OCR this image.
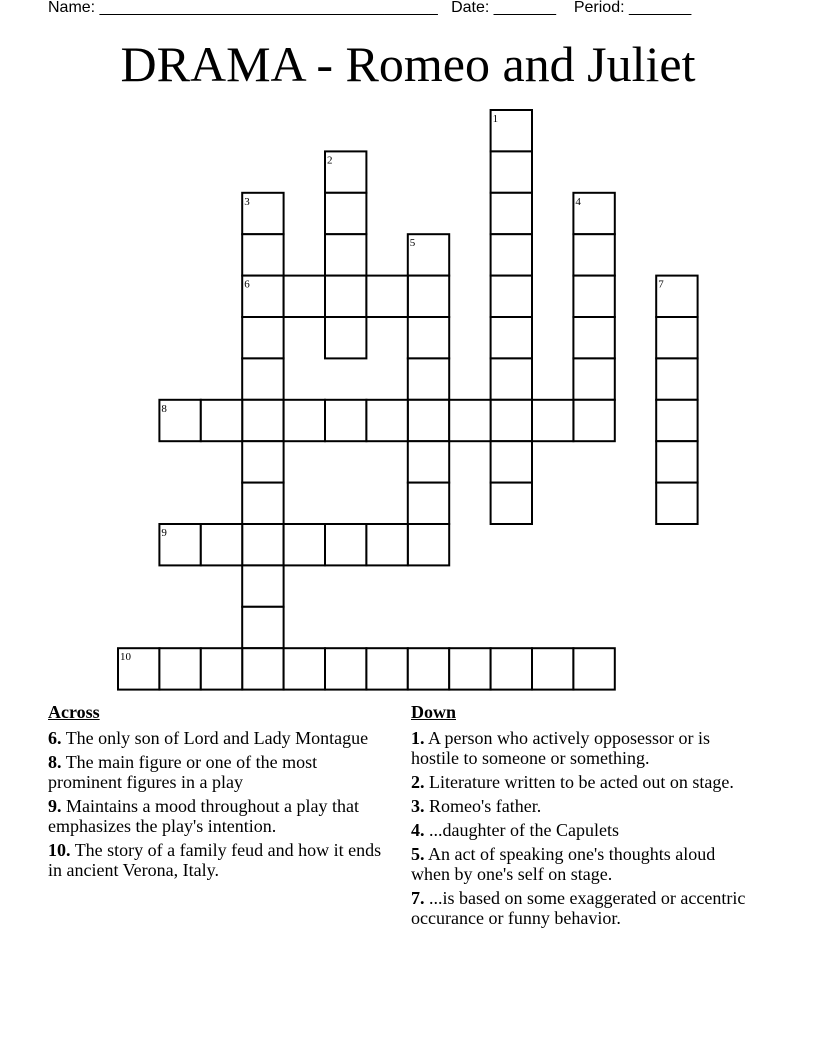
Name: ______________________________________ Date: _______ Period: _______
DRAMA - Romeo and Juliet
1
2
3	4
5
6	7
8
9
10
Across
6. The only son of Lord and Lady Montague
8. The main figure or one of the most prominent figures in a play
9. Maintains a mood throughout a play that emphasizes the play's intention.
10. The story of a family feud and how it ends in ancient Verona, Italy.
Down
1. A person who actively opposessor or is hostile to someone or something.
2. Literature written to be acted out on stage.
3. Romeo's father.
4. ...daughter of the Capulets
5. An act of speaking one's thoughts aloud when by one's self on stage.
7. ...is based on some exaggerated or accentric occurance or funny behavior.
